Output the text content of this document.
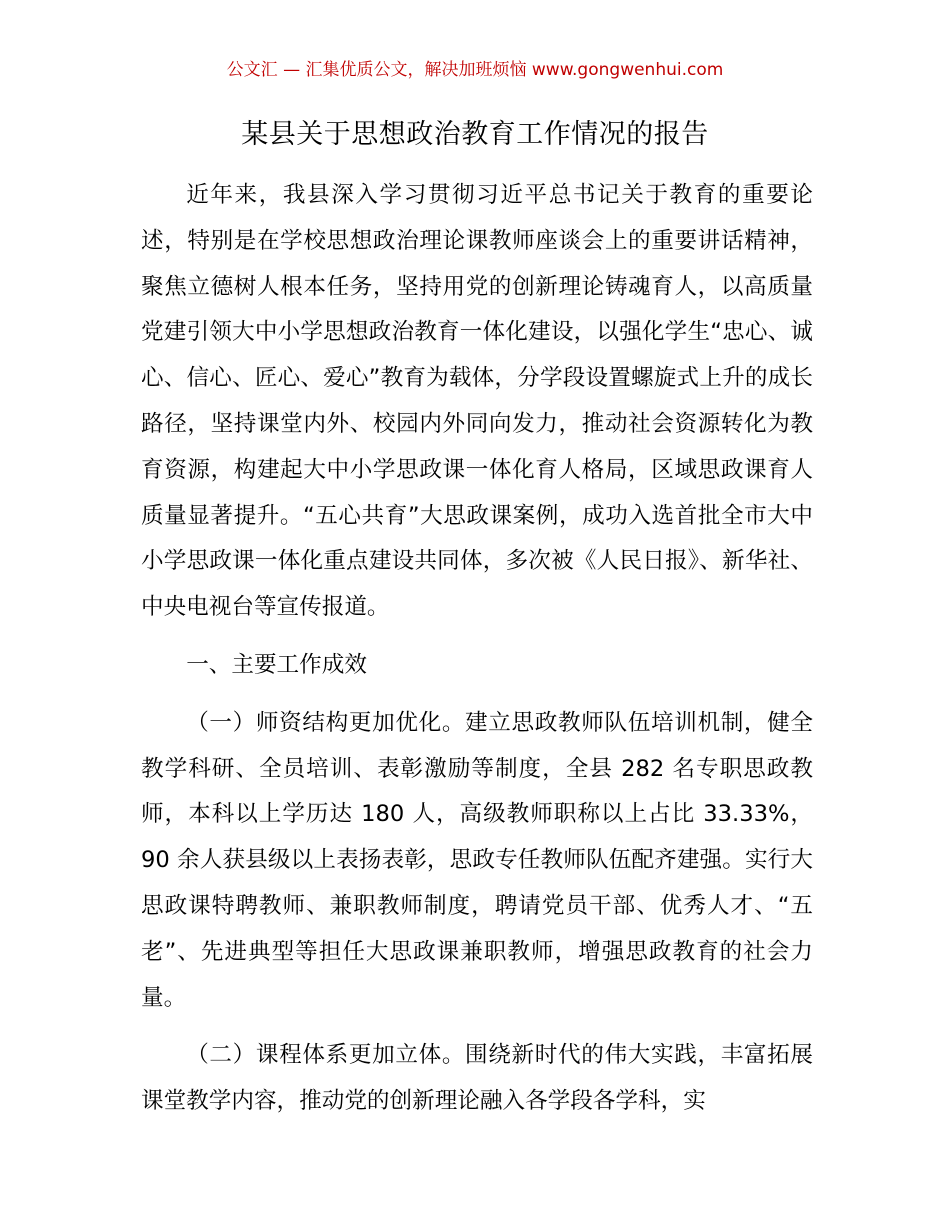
公文汇 — 汇集优质公文，解决加班烦恼 www.gongwenhui.com
某县关于思想政治教育工作情况的报告

近年来，我县深入学习贯彻习近平总书记关于教育的重要论述，特别是在学校思想政治理论课教师座谈会上的重要讲话精神，聚焦立德树人根本任务，坚持用党的创新理论铸魂育人，以高质量党建引领大中小学思想政治教育一体化建设，以强化学生“忠心、诚心、信心、匠心、爱心”教育为载体，分学段设置螺旋式上升的成长路径，坚持课堂内外、校园内外同向发力，推动社会资源转化为教育资源，构建起大中小学思政课一体化育人格局，区域思政课育人质量显著提升。“五心共育”大思政课案例，成功入选首批全市大中小学思政课一体化重点建设共同体，多次被《人民日报》、新华社、中央电视台等宣传报道。

一、主要工作成效

（一）师资结构更加优化。建立思政教师队伍培训机制，健全教学科研、全员培训、表彰激励等制度，全县 282 名专职思政教师，本科以上学历达 180 人，高级教师职称以上占比 33.33%，90 余人获县级以上表扬表彰，思政专任教师队伍配齐建强。实行大思政课特聘教师、兼职教师制度，聘请党员干部、优秀人才、“五老”、先进典型等担任大思政课兼职教师，增强思政教育的社会力量。

（二）课程体系更加立体。围绕新时代的伟大实践，丰富拓展课堂教学内容，推动党的创新理论融入各学段各学科，实
